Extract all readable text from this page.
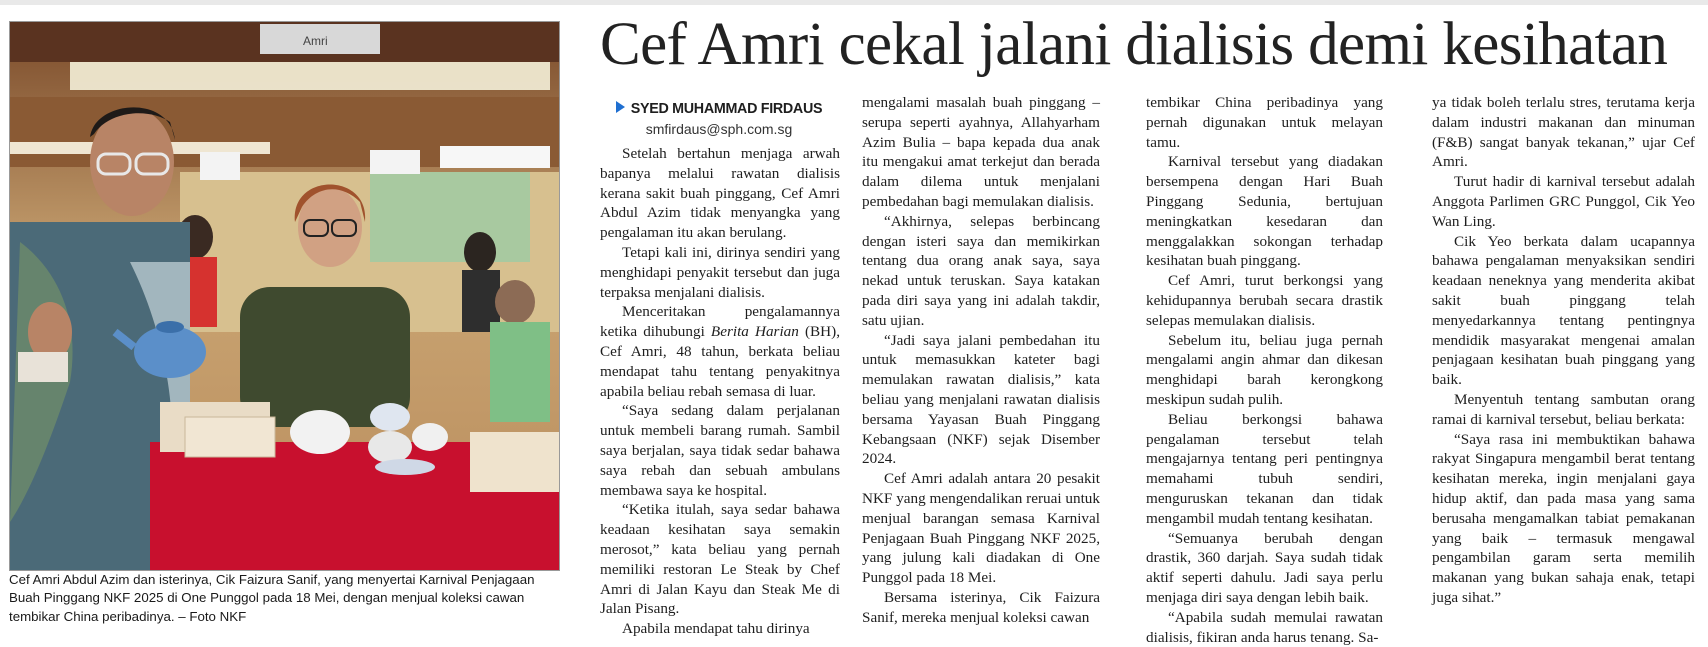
Amri
Cef Amri Abdul Azim dan isterinya, Cik Faizura Sanif, yang menyertai Karnival Penjagaan Buah Pinggang NKF 2025 di One Punggol pada 18 Mei, dengan menjual koleksi cawan tembikar China peribadinya. – Foto NKF
Cef Amri cekal jalani dialisis demi kesihatan
SYED MUHAMMAD FIRDAUS
smfirdaus@sph.com.sg

Setelah bertahun menjaga arwah bapanya melalui rawatan dialisis kerana sakit buah pinggang, Cef Amri Abdul Azim tidak menyangka yang pengalaman itu akan berulang.

Tetapi kali ini, dirinya sendiri yang menghidapi penyakit tersebut dan juga terpaksa menjalani dialisis.

Menceritakan pengalamannya ketika dihubungi Berita Harian (BH), Cef Amri, 48 tahun, berkata beliau mendapat tahu tentang penyakitnya apabila beliau rebah semasa di luar.

“Saya sedang dalam perjalanan untuk membeli barang rumah. Sambil saya berjalan, saya tidak sedar bahawa saya rebah dan sebuah ambulans membawa saya ke hospital.

“Ketika itulah, saya sedar bahawa keadaan kesihatan saya semakin merosot,” kata beliau yang pernah memiliki restoran Le Steak by Chef Amri di Jalan Kayu dan Steak Me di Jalan Pisang.

Apabila mendapat tahu dirinya

mengalami masalah buah pinggang – serupa seperti ayahnya, Allahyarham Azim Bulia – bapa kepada dua anak itu mengakui amat terkejut dan berada dalam dilema untuk menjalani pembedahan bagi memulakan dialisis.

“Akhirnya, selepas berbincang dengan isteri saya dan memikirkan tentang dua orang anak saya, saya nekad untuk teruskan. Saya katakan pada diri saya yang ini adalah takdir, satu ujian.

“Jadi saya jalani pembedahan itu untuk memasukkan kateter bagi memulakan rawatan dialisis,” kata beliau yang menjalani rawatan dialisis bersama Yayasan Buah Pinggang Kebangsaan (NKF) sejak Disember 2024.

Cef Amri adalah antara 20 pesakit NKF yang mengendalikan reruai untuk menjual barangan semasa Karnival Penjagaan Buah Pinggang NKF 2025, yang julung kali diadakan di One Punggol pada 18 Mei.

Bersama isterinya, Cik Faizura Sanif, mereka menjual koleksi cawan

tembikar China peribadinya yang pernah digunakan untuk melayan tamu.

Karnival tersebut yang diadakan bersempena dengan Hari Buah Pinggang Sedunia, bertujuan meningkatkan kesedaran dan menggalakkan sokongan terhadap kesihatan buah pinggang.

Cef Amri, turut berkongsi yang kehidupannya berubah secara drastik selepas memulakan dialisis.

Sebelum itu, beliau juga pernah mengalami angin ahmar dan dikesan menghidapi barah kerongkong meskipun sudah pulih.

Beliau berkongsi bahawa pengalaman tersebut telah mengajarnya tentang peri pentingnya memahami tubuh sendiri, menguruskan tekanan dan tidak mengambil mudah tentang kesihatan.

“Semuanya berubah dengan drastik, 360 darjah. Saya sudah tidak aktif seperti dahulu. Jadi saya perlu menjaga diri saya dengan lebih baik.

“Apabila sudah memulai rawatan dialisis, fikiran anda harus tenang. Sa-

ya tidak boleh terlalu stres, terutama kerja dalam industri makanan dan minuman (F&B) sangat banyak tekanan,” ujar Cef Amri.

Turut hadir di karnival tersebut adalah Anggota Parlimen GRC Punggol, Cik Yeo Wan Ling.

Cik Yeo berkata dalam ucapannya bahawa pengalaman menyaksikan sendiri keadaan neneknya yang menderita akibat sakit buah pinggang telah menyedarkannya tentang pentingnya mendidik masyarakat mengenai amalan penjagaan kesihatan buah pinggang yang baik.

Menyentuh tentang sambutan orang ramai di karnival tersebut, beliau berkata:

“Saya rasa ini membuktikan bahawa rakyat Singapura mengambil berat tentang kesihatan mereka, ingin menjalani gaya hidup aktif, dan pada masa yang sama berusaha mengamalkan tabiat pemakanan yang baik – termasuk mengawal pengambilan garam serta memilih makanan yang bukan sahaja enak, tetapi juga sihat.”
